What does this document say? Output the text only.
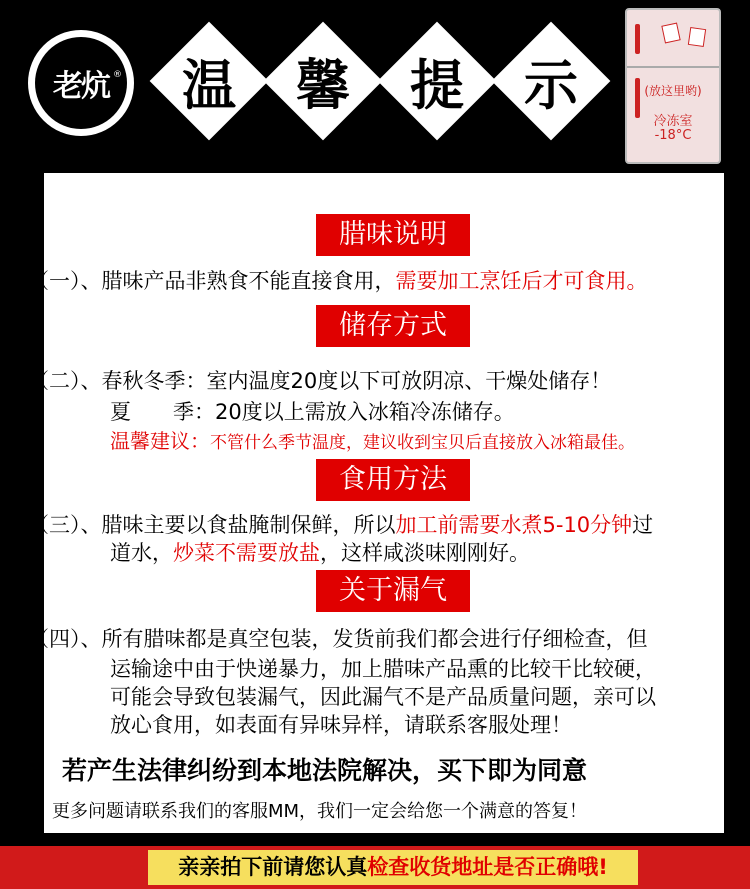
老炕 ® 温 馨 提 示	(放这里哟)
冷冻室
-18°C
腊味说明
（一）、腊味产品非熟食不能直接食用，需要加工烹饪后才可食用。
储存方式
（二）、春秋冬季：室内温度20度以下可放阴凉、干燥处储存！
夏　　季：20度以上需放入冰箱冷冻储存。
温馨建议：不管什么季节温度，建议收到宝贝后直接放入冰箱最佳。
食用方法
（三）、腊味主要以食盐腌制保鲜，所以加工前需要水煮5-10分钟过
道水，炒菜不需要放盐，这样咸淡味刚刚好。
关于漏气
（四）、所有腊味都是真空包装，发货前我们都会进行仔细检查，但
运输途中由于快递暴力，加上腊味产品熏的比较干比较硬，
可能会导致包装漏气，因此漏气不是产品质量问题，亲可以
放心食用，如表面有异味异样，请联系客服处理！
若产生法律纠纷到本地法院解决，买下即为同意
更多问题请联系我们的客服MM，我们一定会给您一个满意的答复！
亲亲拍下前请您认真检查收货地址是否正确哦!
